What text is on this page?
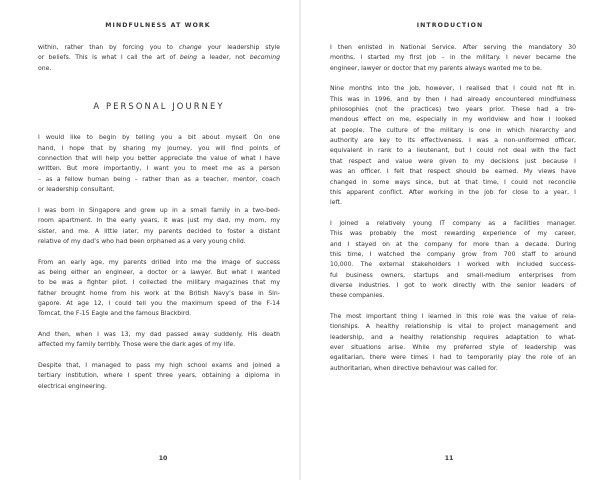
MINDFULNESS AT WORK

within, rather than by forcing you to change your leadership style
or beliefs. This is what I call the art of being a leader, not becoming
one.

A PERSONAL JOURNEY

I would like to begin by telling you a bit about myself. On one
hand, I hope that by sharing my journey, you will find points of
connection that will help you better appreciate the value of what I have
written. But more importantly, I want you to meet me as a person
– as a fellow human being – rather than as a teacher, mentor, coach
or leadership consultant.

I was born in Singapore and grew up in a small family in a two-bed-
room apartment. In the early years, it was just my dad, my mom, my
sister, and me. A little later, my parents decided to foster a distant
relative of my dad’s who had been orphaned as a very young child.

From an early age, my parents drilled into me the image of success
as being either an engineer, a doctor or a lawyer. But what I wanted
to be was a fighter pilot. I collected the military magazines that my
father brought home from his work at the British Navy’s base in Sin-
gapore. At age 12, I could tell you the maximum speed of the F-14
Tomcat, the F-15 Eagle and the famous Blackbird.

And then, when I was 13, my dad passed away suddenly. His death
affected my family terribly. Those were the dark ages of my life.

Despite that, I managed to pass my high school exams and joined a
tertiary institution, where I spent three years, obtaining a diploma in
electrical engineering.

10
INTRODUCTION

I then enlisted in National Service. After serving the mandatory 30
months, I started my first job – in the military. I never became the
engineer, lawyer or doctor that my parents always wanted me to be.

Nine months into the job, however, I realised that I could not fit in.
This was in 1996, and by then I had already encountered mindfulness
philosophies (not the practices) two years prior. These had a tre-
mendous effect on me, especially in my worldview and how I looked
at people. The culture of the military is one in which hierarchy and
authority are key to its effectiveness. I was a non-uniformed officer,
equivalent in rank to a lieutenant, but I could not deal with the fact
that respect and value were given to my decisions just because I
was an officer. I felt that respect should be earned. My views have
changed in some ways since, but at that time, I could not reconcile
this apparent conflict. After working in the job for close to a year, I
left.

I joined a relatively young IT company as a facilities manager.
This was probably the most rewarding experience of my career,
and I stayed on at the company for more than a decade. During
this time, I watched the company grow from 700 staff to around
10,000. The external stakeholders I worked with included success-
ful business owners, startups and small-medium enterprises from
diverse industries. I got to work directly with the senior leaders of
these companies.

The most important thing I learned in this role was the value of rela-
tionships. A healthy relationship is vital to project management and
leadership, and a healthy relationship requires adaptation to what-
ever situations arise. While my preferred style of leadership was
egalitarian, there were times I had to temporarily play the role of an
authoritarian, when directive behaviour was called for.

11
